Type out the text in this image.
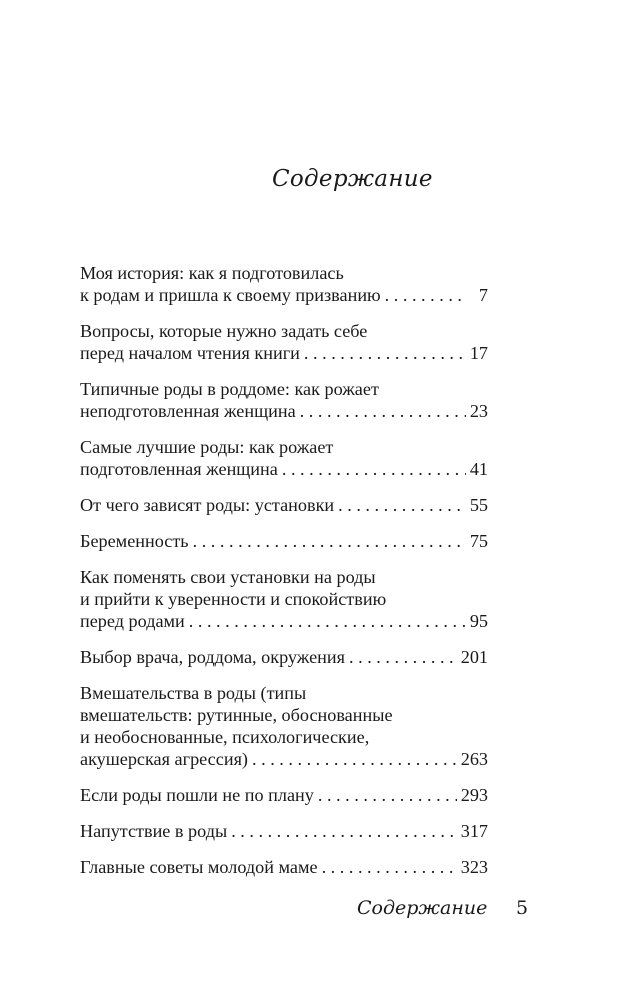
Содержание
Моя история: как я подготовилась
к родам и пришла к своему призванию . . .	7
Вопросы, которые нужно задать себе
перед началом чтения книги . . .	17
Типичные роды в роддоме: как рожает
неподготовленная женщина . . .	23
Самые лучшие роды: как рожает
подготовленная женщина . . .	41
От чего зависят роды: установки . . .	55
Беременность . . .	75
Как поменять свои установки на роды
и прийти к уверенности и спокойствию
перед родами . . .	95
Выбор врача, роддома, окружения . . .	201
Вмешательства в роды (типы
вмешательств: рутинные, обоснованные
и необоснованные, психологические,
акушерская агрессия) . . .	263
Если роды пошли не по плану . . .	293
Напутствие в роды . . .	317
Главные советы молодой маме . . .	323
Содержание 5
